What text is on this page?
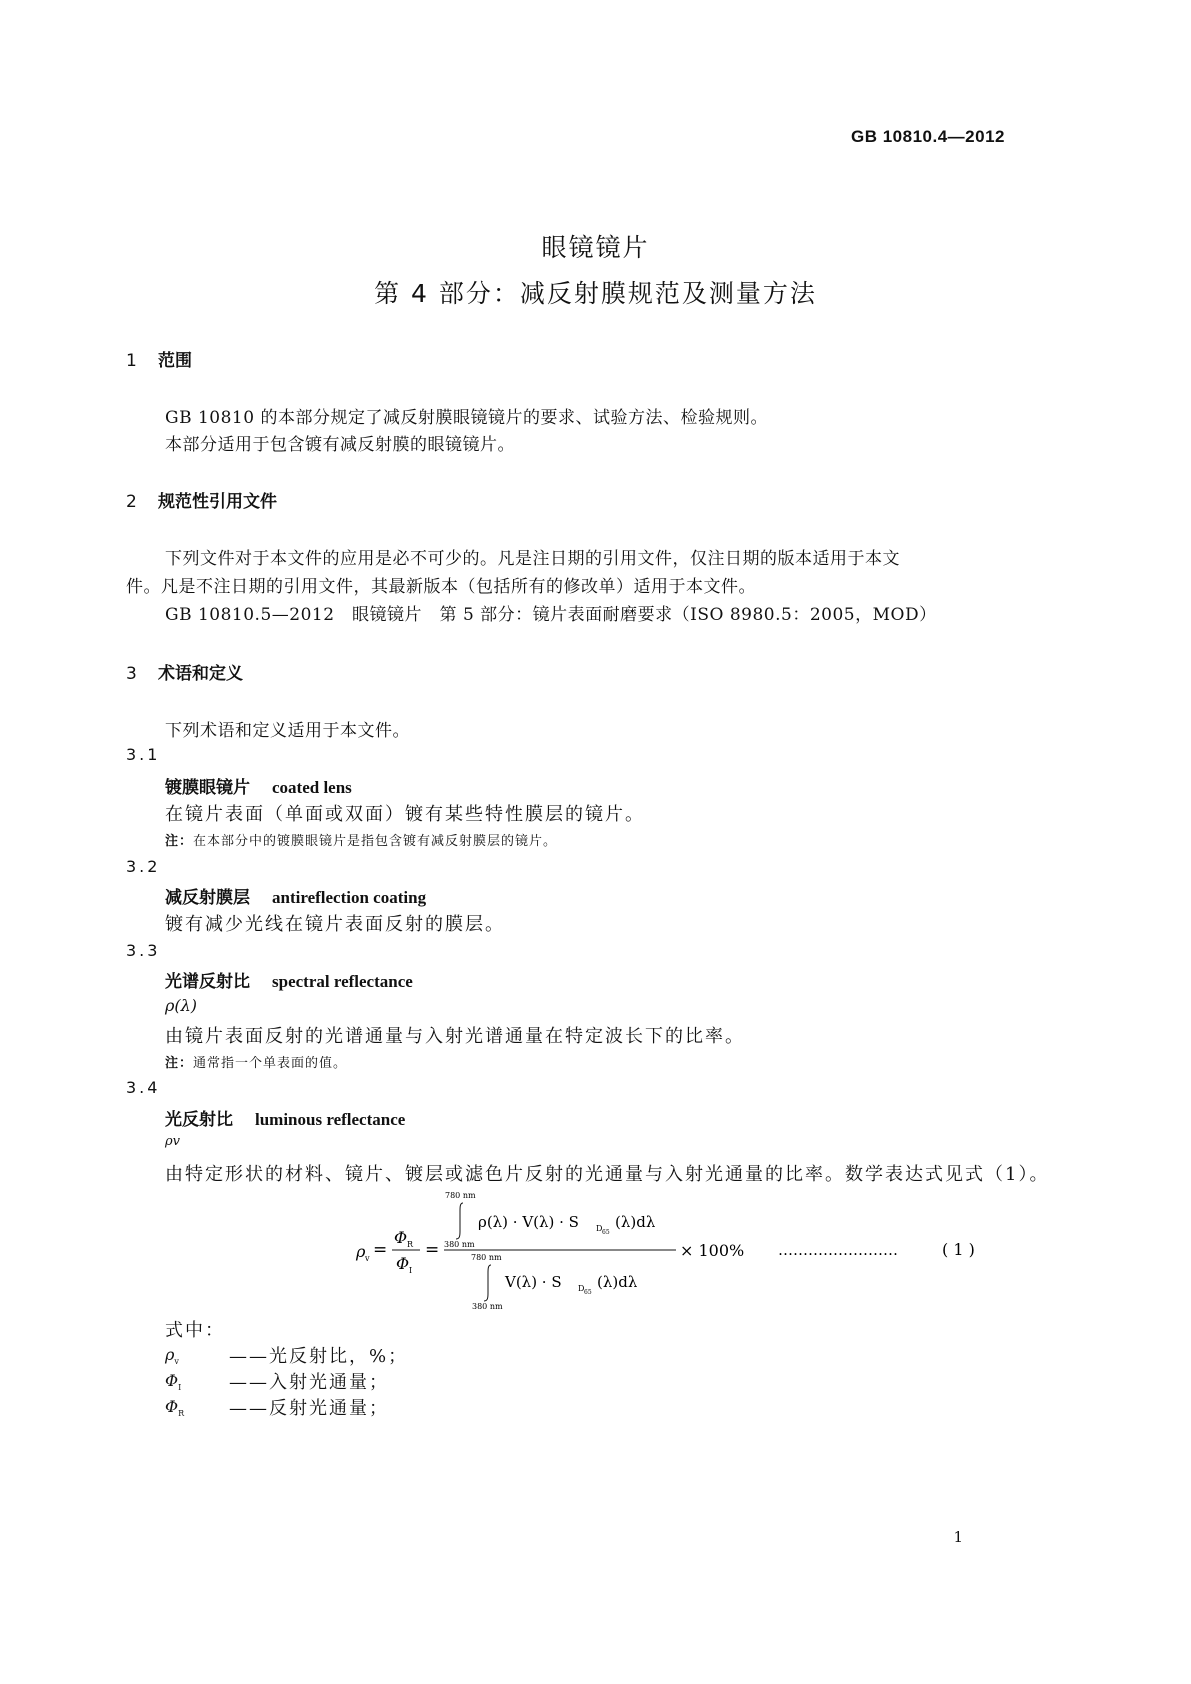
GB 10810.4—2012
眼镜镜片
第 4 部分：减反射膜规范及测量方法
1 范围
GB 10810 的本部分规定了减反射膜眼镜镜片的要求、试验方法、检验规则。
本部分适用于包含镀有减反射膜的眼镜镜片。
2 规范性引用文件
下列文件对于本文件的应用是必不可少的。凡是注日期的引用文件，仅注日期的版本适用于本文
件。凡是不注日期的引用文件，其最新版本（包括所有的修改单）适用于本文件。
GB 10810.5—2012　眼镜镜片　第 5 部分：镜片表面耐磨要求（ISO 8980.5：2005，MOD）
3 术语和定义
下列术语和定义适用于本文件。
3.1
镀膜眼镜片 coated lens
在镜片表面（单面或双面）镀有某些特性膜层的镜片。
注：在本部分中的镀膜眼镜片是指包含镀有减反射膜层的镜片。
3.2
减反射膜层 antireflection coating
镀有减少光线在镜片表面反射的膜层。
3.3
光谱反射比 spectral reflectance
ρ(λ)
由镜片表面反射的光谱通量与入射光谱通量在特定波长下的比率。
注：通常指一个单表面的值。
3.4
光反射比 luminous reflectance
ρv
由特定形状的材料、镜片、镀层或滤色片反射的光通量与入射光通量的比率。数学表达式见式（1）。
ρ v =
Φ R
Φ I
=
780 nm
380 nm
ρ(λ) · V(λ) · S D 65
(λ)dλ
780 nm
380 nm
V(λ) · S D 65
(λ)dλ
× 100% ……………………	( 1 )
式中：
$\rho_v$	——光反射比，%；
$\Phi_I$	——入射光通量；
$\Phi_R$ ——反射光通量；
1
